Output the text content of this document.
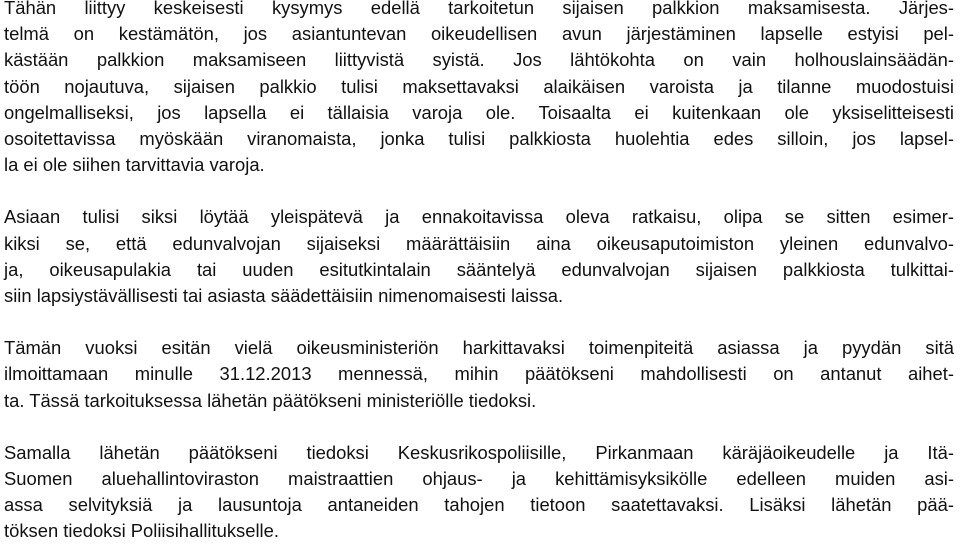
Tähän liittyy keskeisesti kysymys edellä tarkoitetun sijaisen palkkion maksamisesta. Järjes-
telmä on kestämätön, jos asiantuntevan oikeudellisen avun järjestäminen lapselle estyisi pel-
kästään palkkion maksamiseen liittyvistä syistä. Jos lähtökohta on vain holhouslainsäädän-
töön nojautuva, sijaisen palkkio tulisi maksettavaksi alaikäisen varoista ja tilanne muodostuisi
ongelmalliseksi, jos lapsella ei tällaisia varoja ole. Toisaalta ei kuitenkaan ole yksiselitteisesti
osoitettavissa myöskään viranomaista, jonka tulisi palkkiosta huolehtia edes silloin, jos lapsel-
la ei ole siihen tarvittavia varoja.

Asiaan tulisi siksi löytää yleispätevä ja ennakoitavissa oleva ratkaisu, olipa se sitten esimer-
kiksi se, että edunvalvojan sijaiseksi määrättäisiin aina oikeusaputoimiston yleinen edunvalvo-
ja, oikeusapulakia tai uuden esitutkintalain sääntelyä edunvalvojan sijaisen palkkiosta tulkittai-
siin lapsiystävällisesti tai asiasta säädettäisiin nimenomaisesti laissa.

Tämän vuoksi esitän vielä oikeusministeriön harkittavaksi toimenpiteitä asiassa ja pyydän sitä
ilmoittamaan minulle 31.12.2013 mennessä, mihin päätökseni mahdollisesti on antanut aihet-
ta. Tässä tarkoituksessa lähetän päätökseni ministeriölle tiedoksi.

Samalla lähetän päätökseni tiedoksi Keskusrikospoliisille, Pirkanmaan käräjäoikeudelle ja Itä-
Suomen aluehallintoviraston maistraattien ohjaus- ja kehittämisyksikölle edelleen muiden asi-
assa selvityksiä ja lausuntoja antaneiden tahojen tietoon saatettavaksi. Lisäksi lähetän pää-
töksen tiedoksi Poliisihallitukselle.
